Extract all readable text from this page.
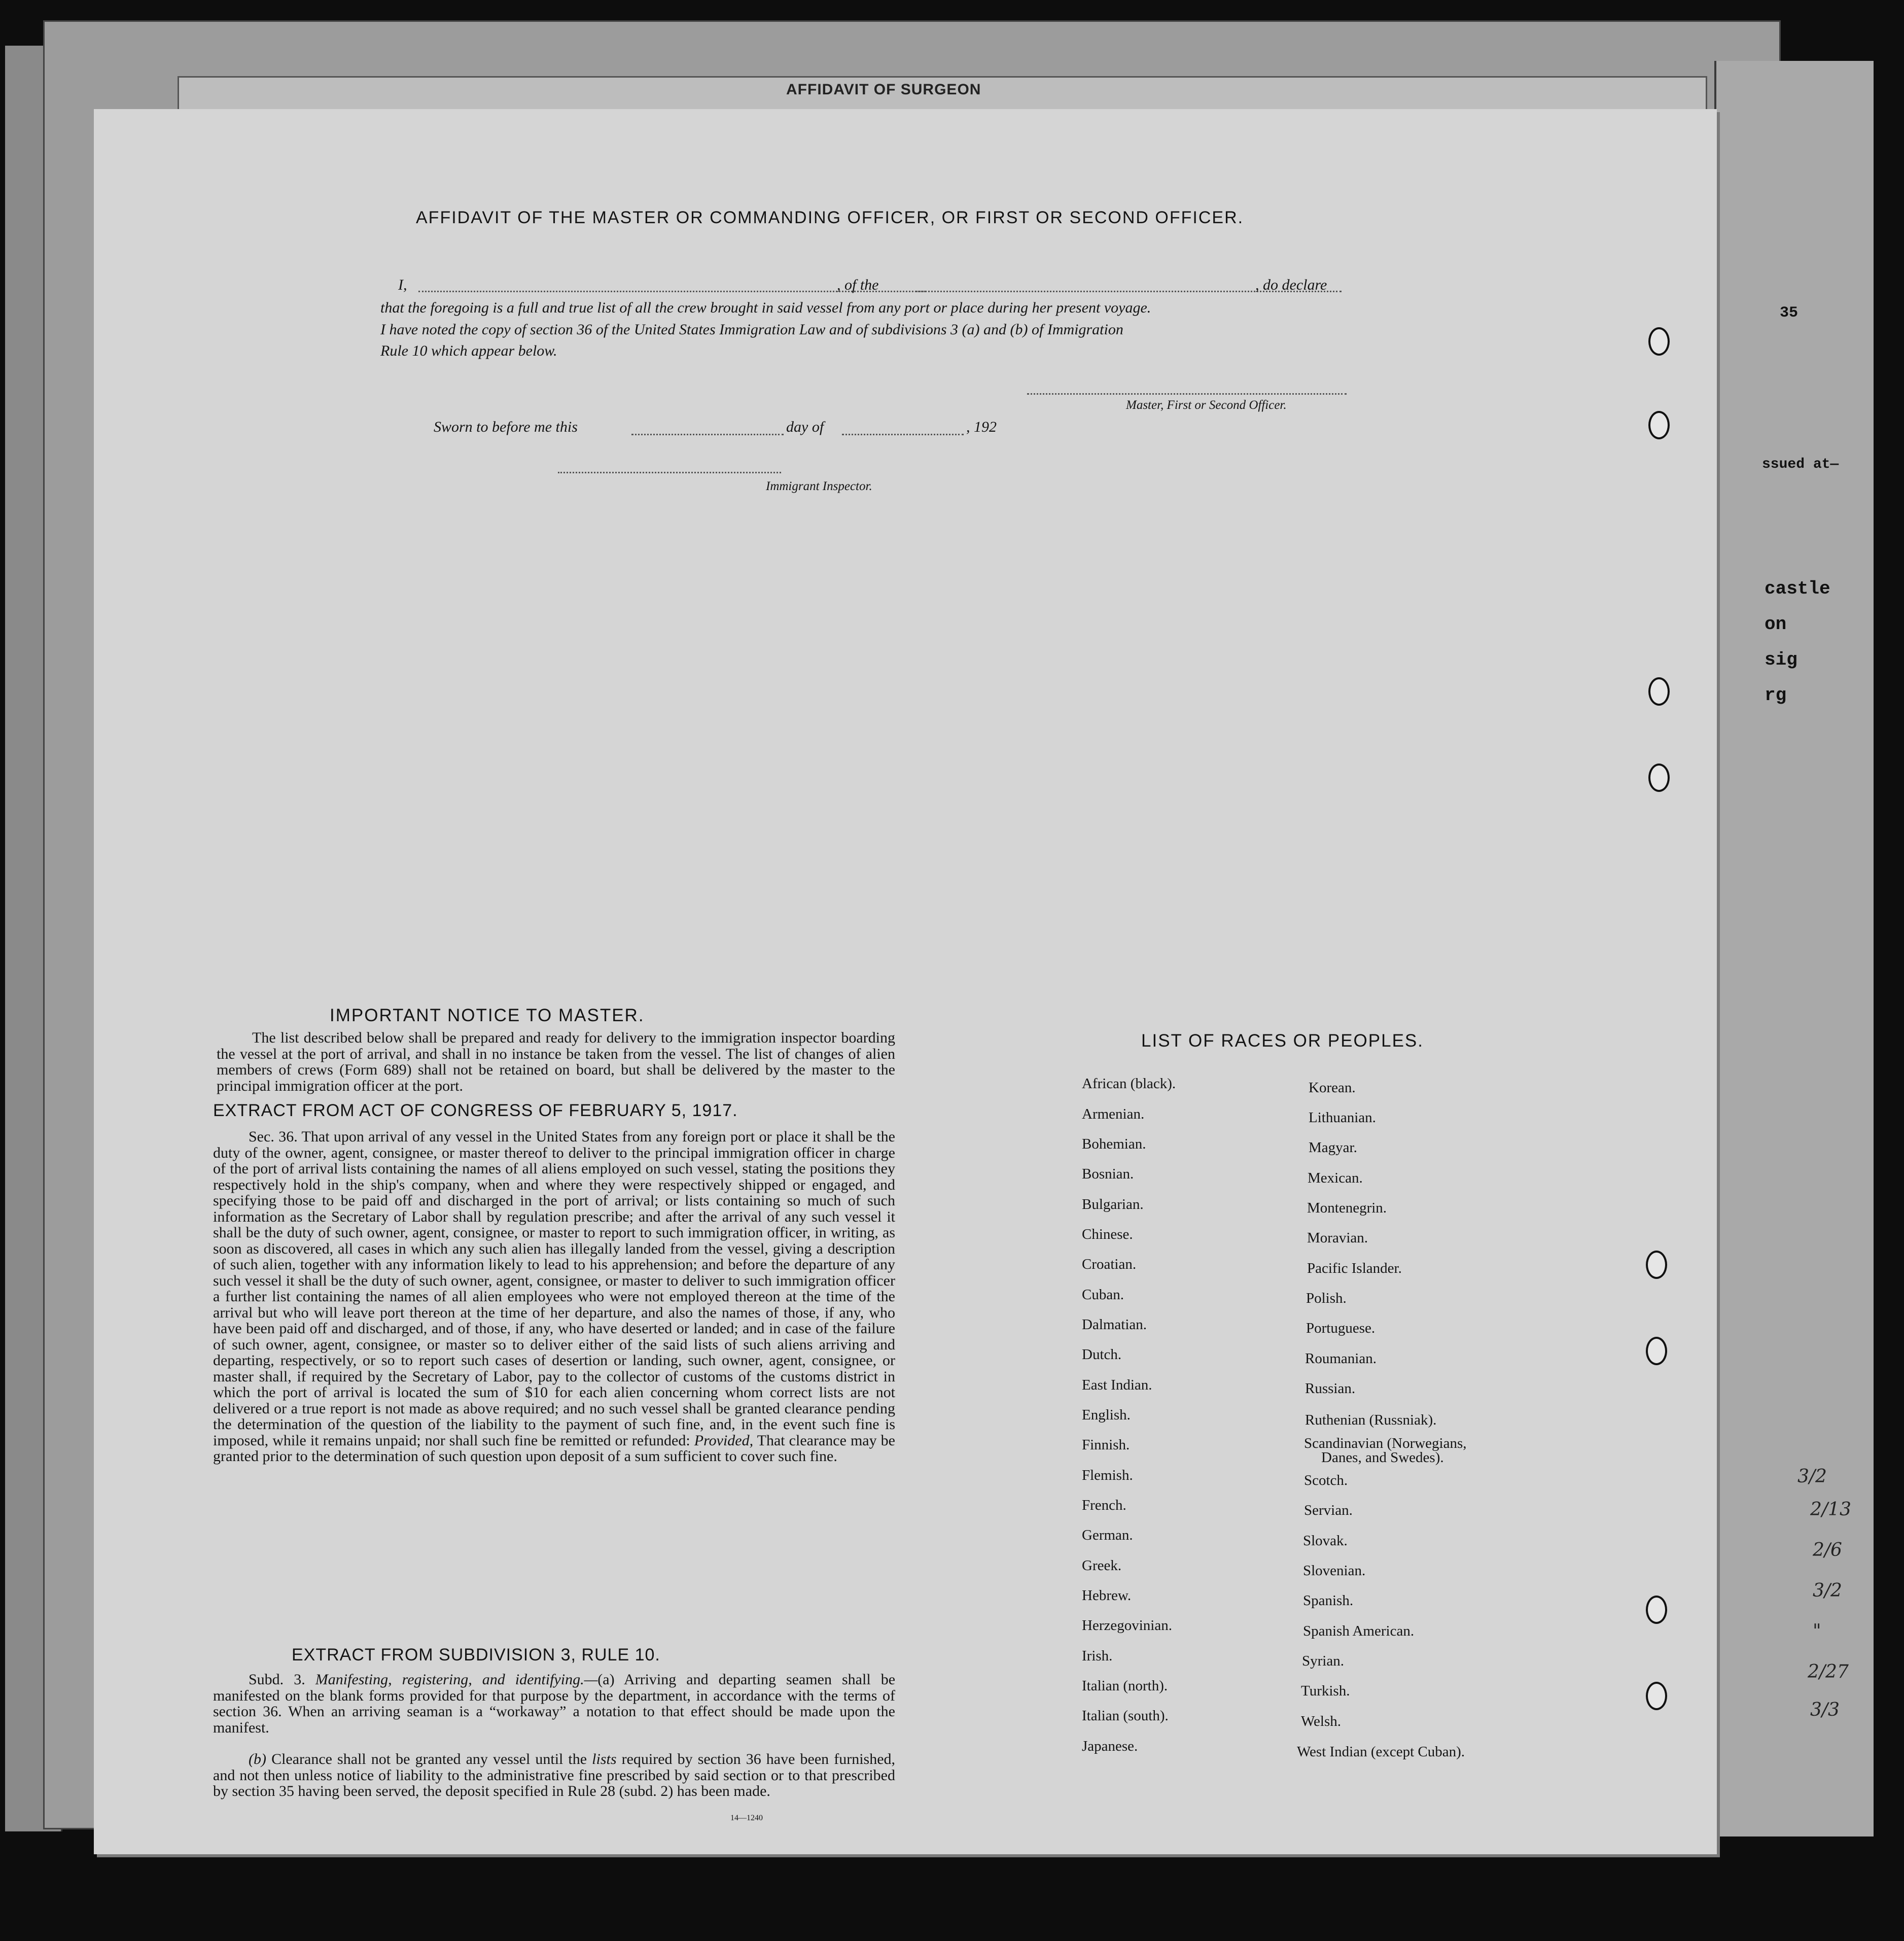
35
ssued at—
castle
on
sig
rg
3/2
2/13
2/6
3/2
"
2/27
3/3
AFFIDAVIT OF SURGEON
AFFIDAVIT OF THE MASTER OR COMMANDING OFFICER, OR FIRST OR SECOND OFFICER.
I,	, of the	, do declare
that the foregoing is a full and true list of all the crew brought in said vessel from any port or place during her present voyage.
I have noted the copy of section 36 of the United States Immigration Law and of subdivisions 3 (a) and (b) of Immigration
Rule 10 which appear below.
Master, First or Second Officer.
Sworn to before me this	day of	, 192
Immigrant Inspector.
IMPORTANT NOTICE TO MASTER.
The list described below shall be prepared and ready for delivery to the immigration inspector boarding the vessel at the port of arrival, and shall in no instance be taken from the vessel. The list of changes of alien members of crews (Form 689) shall not be retained on board, but shall be delivered by the master to the principal immigration officer at the port.
EXTRACT FROM ACT OF CONGRESS OF FEBRUARY 5, 1917.
Sec. 36. That upon arrival of any vessel in the United States from any foreign port or place it shall be the duty of the owner, agent, consignee, or master thereof to deliver to the principal immigration officer in charge of the port of arrival lists containing the names of all aliens employed on such vessel, stating the positions they respectively hold in the ship's company, when and where they were respectively shipped or engaged, and specifying those to be paid off and discharged in the port of arrival; or lists containing so much of such information as the Secretary of Labor shall by regulation prescribe; and after the arrival of any such vessel it shall be the duty of such owner, agent, consignee, or master to report to such immigration officer, in writing, as soon as discovered, all cases in which any such alien has illegally landed from the vessel, giving a description of such alien, together with any information likely to lead to his apprehension; and before the departure of any such vessel it shall be the duty of such owner, agent, consignee, or master to deliver to such immigration officer a further list containing the names of all alien employees who were not employed thereon at the time of the arrival but who will leave port thereon at the time of her departure, and also the names of those, if any, who have been paid off and discharged, and of those, if any, who have deserted or landed; and in case of the failure of such owner, agent, consignee, or master so to deliver either of the said lists of such aliens arriving and departing, respectively, or so to report such cases of desertion or landing, such owner, agent, consignee, or master shall, if required by the Secretary of Labor, pay to the collector of customs of the customs district in which the port of arrival is located the sum of $10 for each alien concerning whom correct lists are not delivered or a true report is not made as above required; and no such vessel shall be granted clearance pending the determination of the question of the liability to the payment of such fine, and, in the event such fine is imposed, while it remains unpaid; nor shall such fine be remitted or refunded: Provided, That clearance may be granted prior to the determination of such question upon deposit of a sum sufficient to cover such fine.
EXTRACT FROM SUBDIVISION 3, RULE 10.
Subd. 3. Manifesting, registering, and identifying.—(a) Arriving and departing seamen shall be manifested on the blank forms provided for that purpose by the department, in accordance with the terms of section 36. When an arriving seaman is a “workaway” a notation to that effect should be made upon the manifest.
(b) Clearance shall not be granted any vessel until the lists required by section 36 have been furnished, and not then unless notice of liability to the administrative fine prescribed by said section or to that prescribed by section 35 having been served, the deposit specified in Rule 28 (subd. 2) has been made.
14—1240
LIST OF RACES OR PEOPLES.
African (black).
Armenian.
Bohemian.
Bosnian.
Bulgarian.
Chinese.
Croatian.
Cuban.
Dalmatian.
Dutch.
East Indian.
English.
Finnish.
Flemish.
French.
German.
Greek.
Hebrew.
Herzegovinian.
Irish.
Italian (north).
Italian (south).
Japanese.
Korean.
Lithuanian.
Magyar.
Mexican.
Montenegrin.
Moravian.
Pacific Islander.
Polish.
Portuguese.
Roumanian.
Russian.
Ruthenian (Russniak).
Scandinavian (Norwegians,
Danes, and Swedes).
Scotch.
Servian.
Slovak.
Slovenian.
Spanish.
Spanish American.
Syrian.
Turkish.
Welsh.
West Indian (except Cuban).
